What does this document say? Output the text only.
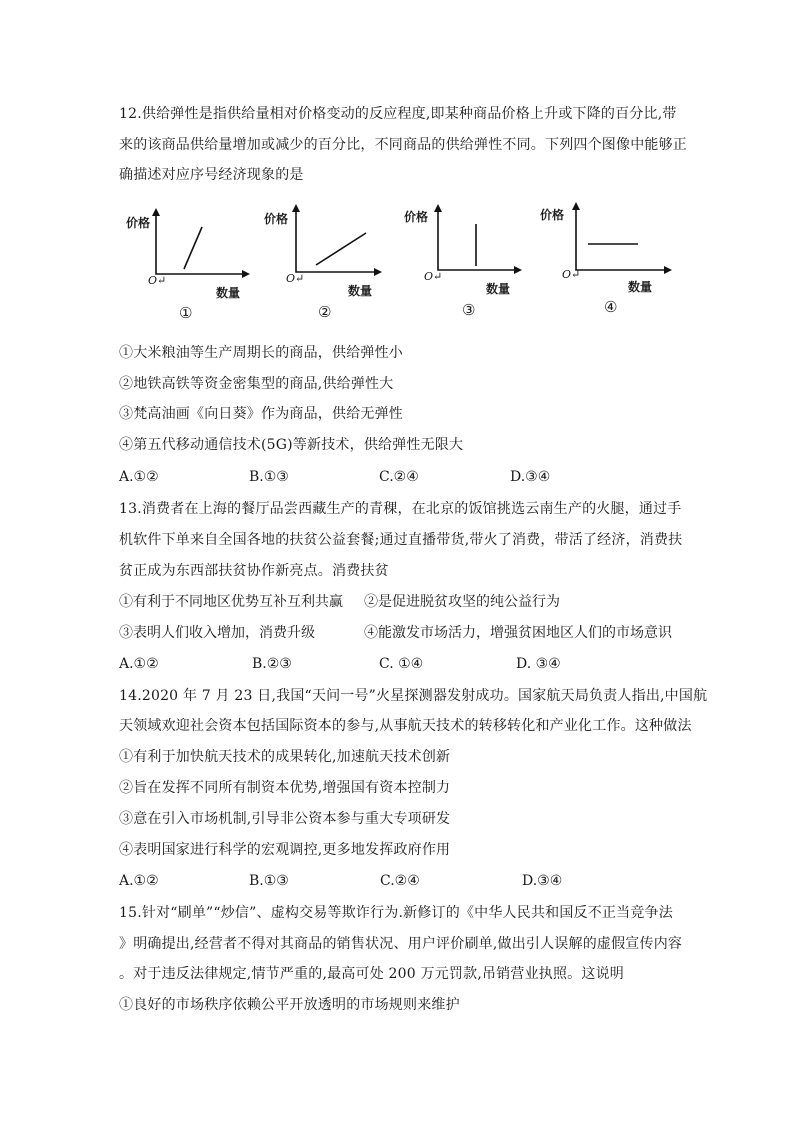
12.供给弹性是指供给量相对价格变动的反应程度,即某种商品价格上升或下降的百分比,带
来的该商品供给量增加或减少的百分比，不同商品的供给弹性不同。下列四个图像中能够正
确描述对应序号经济现象的是
价格
O↵
数量
①
价格
O↵
数量
②
价格
O↵
数量
③
价格
O↵
数量
④
①大米粮油等生产周期长的商品，供给弹性小
②地铁高铁等资金密集型的商品,供给弹性大
③梵高油画《向日葵》作为商品，供给无弹性
④第五代移动通信技术(5G)等新技术，供给弹性无限大
A.①②	B.①③	C.②④	D.③④
13.消费者在上海的餐厅品尝西藏生产的青稞，在北京的饭馆挑选云南生产的火腿，通过手
机软件下单来自全国各地的扶贫公益套餐;通过直播带货,带火了消费，带活了经济，消费扶
贫正成为东西部扶贫协作新亮点。消费扶贫
①有利于不同地区优势互补互利共赢 ②是促进脱贫攻坚的纯公益行为
③表明人们收入增加，消费升级	④能激发市场活力，增强贫困地区人们的市场意识
A.①②	B.②③	C. ①④	D. ③④
14.2020 年 7 月 23 日,我国“天问一号”火星探测器发射成功。国家航天局负责人指出,中国航
天领域欢迎社会资本包括国际资本的参与,从事航天技术的转移转化和产业化工作。这种做法
①有利于加快航天技术的成果转化,加速航天技术创新
②旨在发挥不同所有制资本优势,增强国有资本控制力
③意在引入市场机制,引导非公资本参与重大专项研发
④表明国家进行科学的宏观调控,更多地发挥政府作用
A.①②	B.①③	C.②④	D.③④
15.针对“刷单”“炒信”、虚构交易等欺诈行为.新修订的《中华人民共和国反不正当竞争法
》明确提出,经营者不得对其商品的销售状况、用户评价刷单,做出引人误解的虚假宣传内容
。对于违反法律规定,情节严重的,最高可处 200 万元罚款,吊销营业执照。这说明
①良好的市场秩序依赖公平开放透明的市场规则来维护
